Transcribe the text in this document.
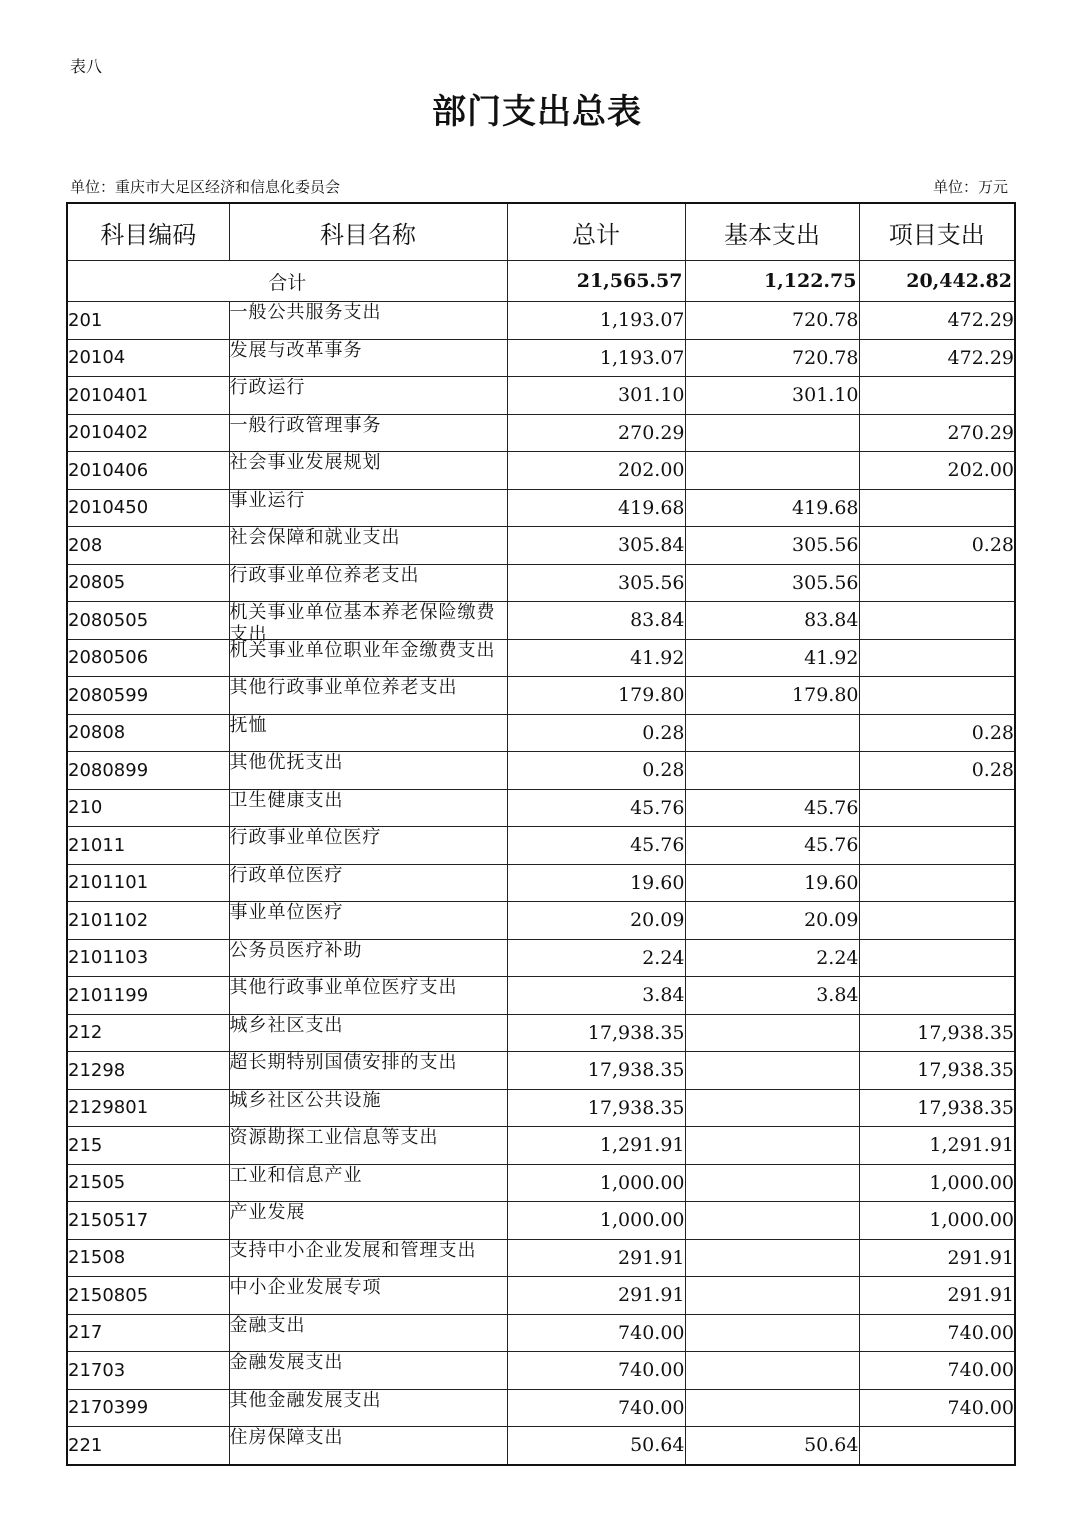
表八
部门支出总表
单位：重庆市大足区经济和信息化委员会	单位：万元
科目编码	科目名称	总计	基本支出	项目支出
合计		21,565.57	1,122.75	20,442.82
201	一般公共服务支出	1,193.07	720.78	472.29
20104	发展与改革事务	1,193.07	720.78	472.29
2010401	行政运行	301.10	301.10	
2010402	一般行政管理事务	270.29		270.29
2010406	社会事业发展规划	202.00		202.00
2010450	事业运行	419.68	419.68	
208	社会保障和就业支出	305.84	305.56	0.28
20805	行政事业单位养老支出	305.56	305.56	
2080505	机关事业单位基本养老保险缴费支出	83.84	83.84	
2080506	机关事业单位职业年金缴费支出	41.92	41.92	
2080599	其他行政事业单位养老支出	179.80	179.80	
20808	抚恤	0.28		0.28
2080899	其他优抚支出	0.28		0.28
210	卫生健康支出	45.76	45.76	
21011	行政事业单位医疗	45.76	45.76	
2101101	行政单位医疗	19.60	19.60	
2101102	事业单位医疗	20.09	20.09	
2101103	公务员医疗补助	2.24	2.24	
2101199	其他行政事业单位医疗支出	3.84	3.84	
212	城乡社区支出	17,938.35		17,938.35
21298	超长期特别国债安排的支出	17,938.35		17,938.35
2129801	城乡社区公共设施	17,938.35		17,938.35
215	资源勘探工业信息等支出	1,291.91		1,291.91
21505	工业和信息产业	1,000.00		1,000.00
2150517	产业发展	1,000.00		1,000.00
21508	支持中小企业发展和管理支出	291.91		291.91
2150805	中小企业发展专项	291.91		291.91
217	金融支出	740.00		740.00
21703	金融发展支出	740.00		740.00
2170399	其他金融发展支出	740.00		740.00
221	住房保障支出	50.64	50.64	
